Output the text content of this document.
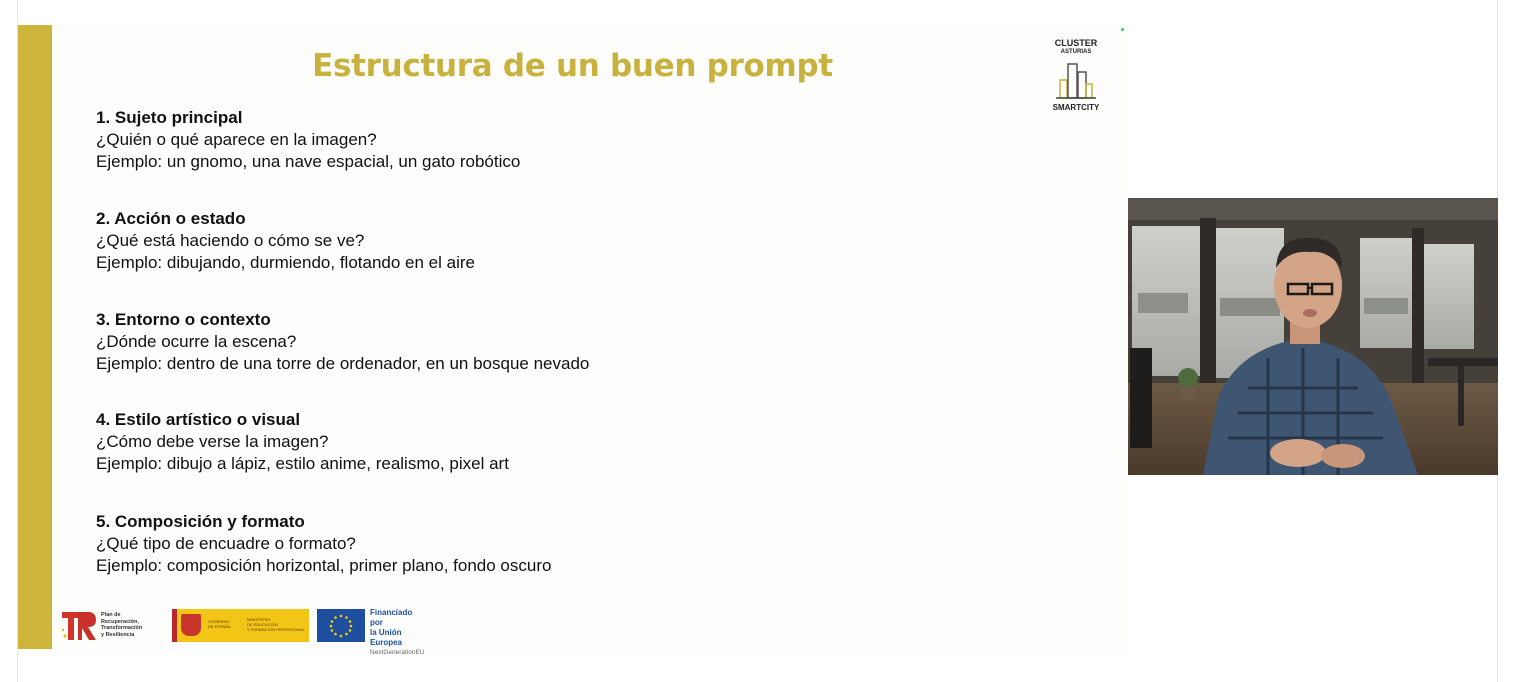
Estructura de un buen prompt
1. Sujeto principal
¿Quién o qué aparece en la imagen?
Ejemplo: un gnomo, una nave espacial, un gato robótico
2. Acción o estado
¿Qué está haciendo o cómo se ve?
Ejemplo: dibujando, durmiendo, flotando en el aire
3. Entorno o contexto
¿Dónde ocurre la escena?
Ejemplo: dentro de una torre de ordenador, en un bosque nevado
4. Estilo artístico o visual
¿Cómo debe verse la imagen?
Ejemplo: dibujo a lápiz, estilo anime, realismo, pixel art
5. Composición y formato
¿Qué tipo de encuadre o formato?
Ejemplo: composición horizontal, primer plano, fondo oscuro
CLUSTER
ASTURIAS
SMARTCITY
Plan de
Recuperación,
Transformación
y Resiliencia
GOBIERNO
DE ESPAÑA
MINISTERIO
DE EDUCACIÓN
Y FORMACIÓN PROFESIONAL
Financiado por
la Unión Europea
NextGenerationEU
